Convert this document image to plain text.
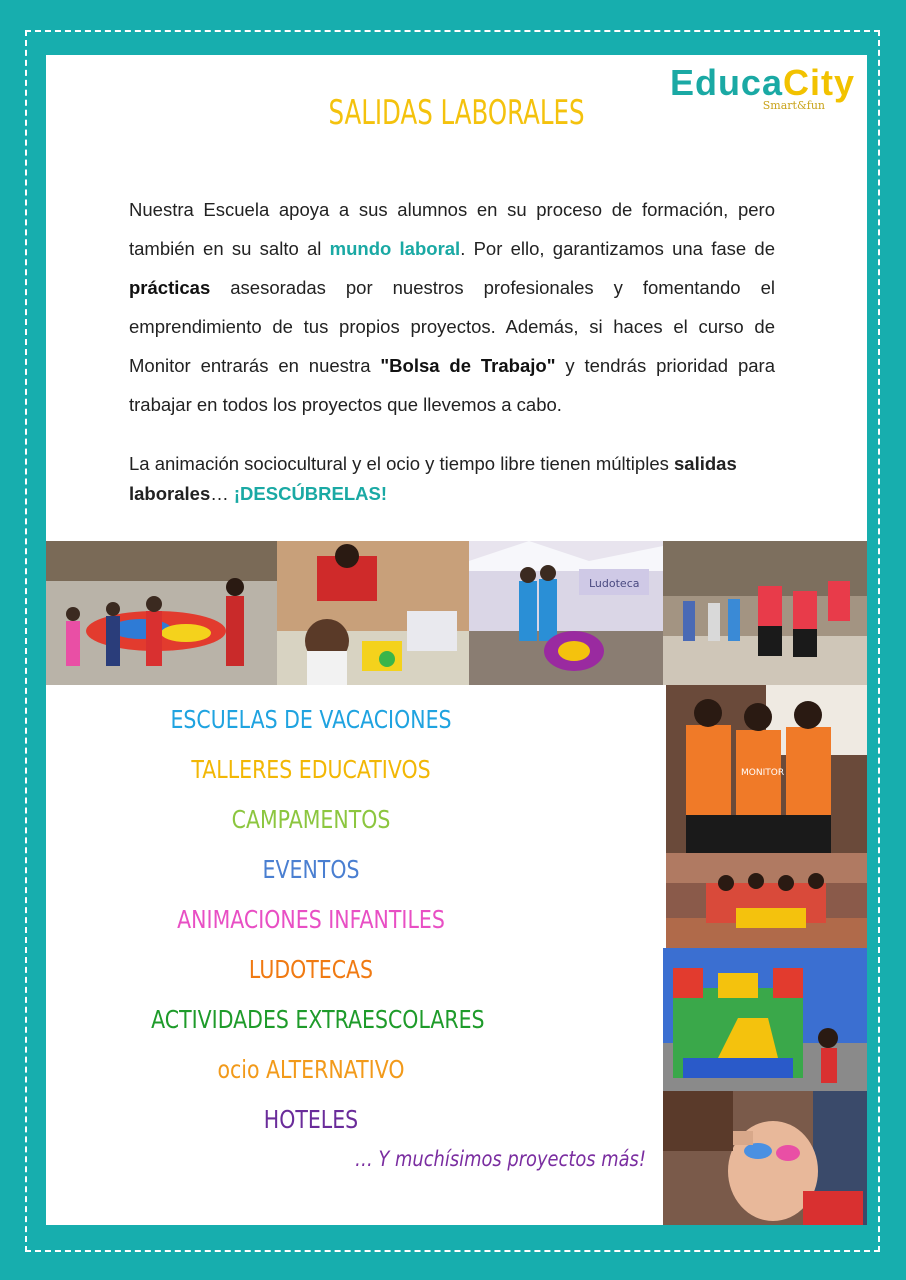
EducaCity
Smart&fun
SALIDAS LABORALES
Nuestra Escuela apoya a sus alumnos en su proceso de formación, pero también en su salto al mundo laboral. Por ello, garantizamos una fase de prácticas asesoradas por nuestros profesionales y fomentando el emprendimiento de tus propios proyectos. Además, si haces el curso de Monitor entrarás en nuestra "Bolsa de Trabajo" y tendrás prioridad para trabajar en todos los proyectos que llevemos a cabo.
La animación sociocultural y el ocio y tiempo libre tienen múltiples salidas laborales… ¡DESCÚBRELAS!
Ludoteca
MONITOR
ESCUELAS DE VACACIONES
TALLERES EDUCATIVOS
CAMPAMENTOS
EVENTOS
ANIMACIONES INFANTILES
LUDOTECAS
ACTIVIDADES EXTRAESCOLARES
ocio ALTERNATIVO
HOTELES
… Y muchísimos proyectos más!
